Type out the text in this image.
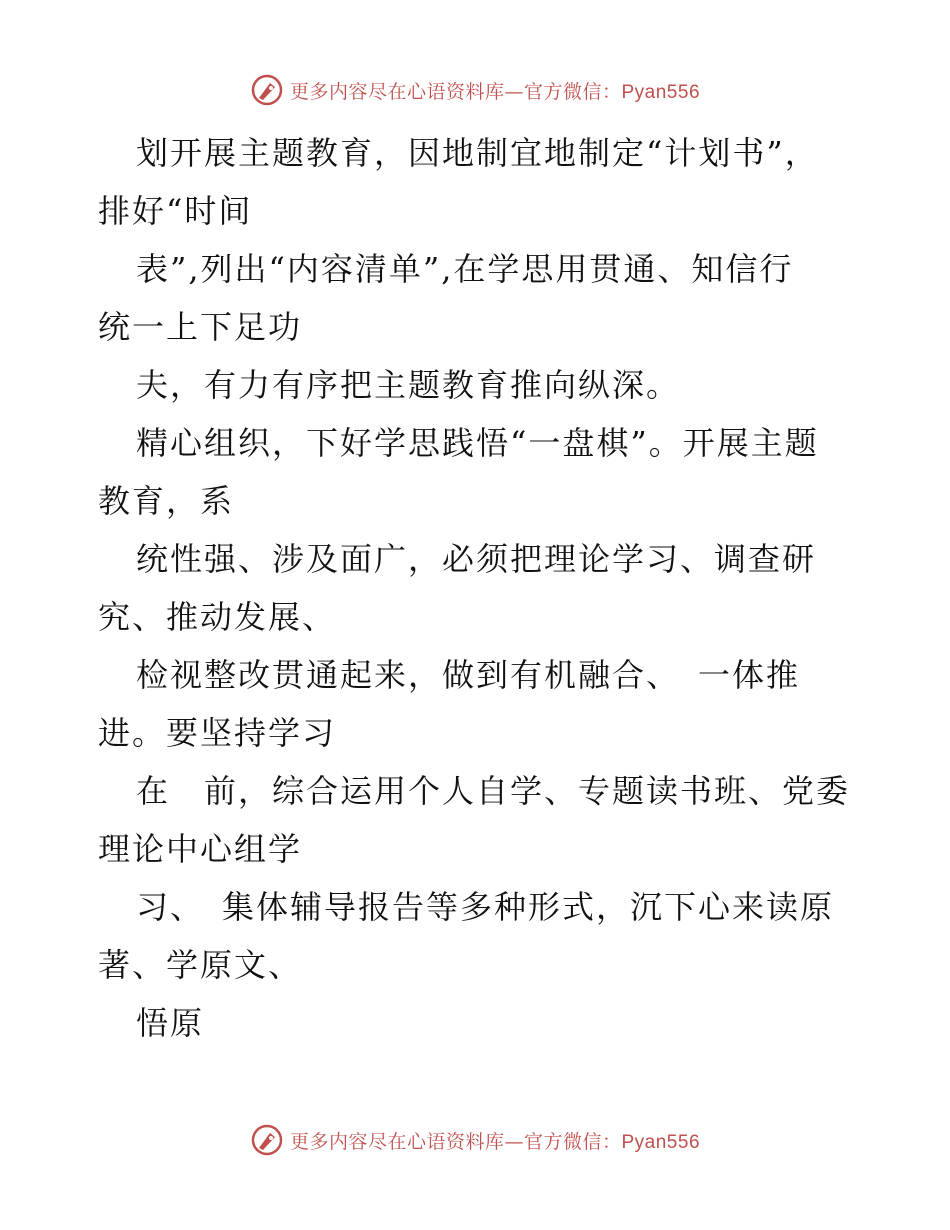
更多内容尽在心语资料库—官方微信：Pyan556

划开展主题教育，因地制宜地制定“计划书”，

排好“时间

表”,列出“内容清单”,在学思用贯通、知信行

统一上下足功

夫，有力有序把主题教育推向纵深。

精心组织，下好学思践悟“一盘棋”。开展主题

教育，系

统性强、涉及面广，必须把理论学习、调查研

究、推动发展、

检视整改贯通起来，做到有机融合、　一体推

进。要坚持学习

在　前，综合运用个人自学、专题读书班、党委

理论中心组学

习、　集体辅导报告等多种形式，沉下心来读原

著、学原文、

悟原

更多内容尽在心语资料库—官方微信：Pyan556
